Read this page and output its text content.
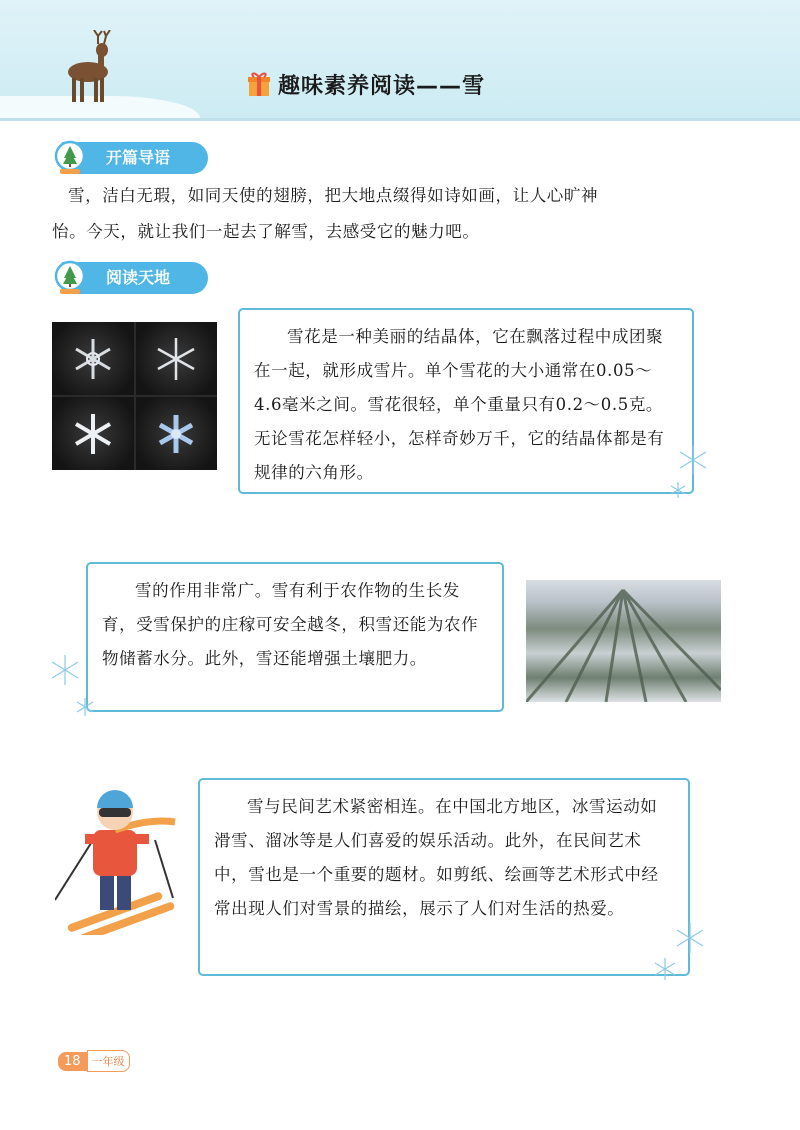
趣味素养阅读——雪
开篇导语
雪，洁白无瑕，如同天使的翅膀，把大地点缀得如诗如画，让人心旷神
怡。今天，就让我们一起去了解雪，去感受它的魅力吧。
阅读天地

雪花是一种美丽的结晶体，它在飘落过程中成团聚在一起，就形成雪片。单个雪花的大小通常在0.05～4.6毫米之间。雪花很轻，单个重量只有0.2～0.5克。无论雪花怎样轻小，怎样奇妙万千，它的结晶体都是有规律的六角形。

雪的作用非常广。雪有利于农作物的生长发育，受雪保护的庄稼可安全越冬，积雪还能为农作物储蓄水分。此外，雪还能增强土壤肥力。

雪与民间艺术紧密相连。在中国北方地区，冰雪运动如滑雪、溜冰等是人们喜爱的娱乐活动。此外，在民间艺术中，雪也是一个重要的题材。如剪纸、绘画等艺术形式中经常出现人们对雪景的描绘，展示了人们对生活的热爱。

18	一年级
